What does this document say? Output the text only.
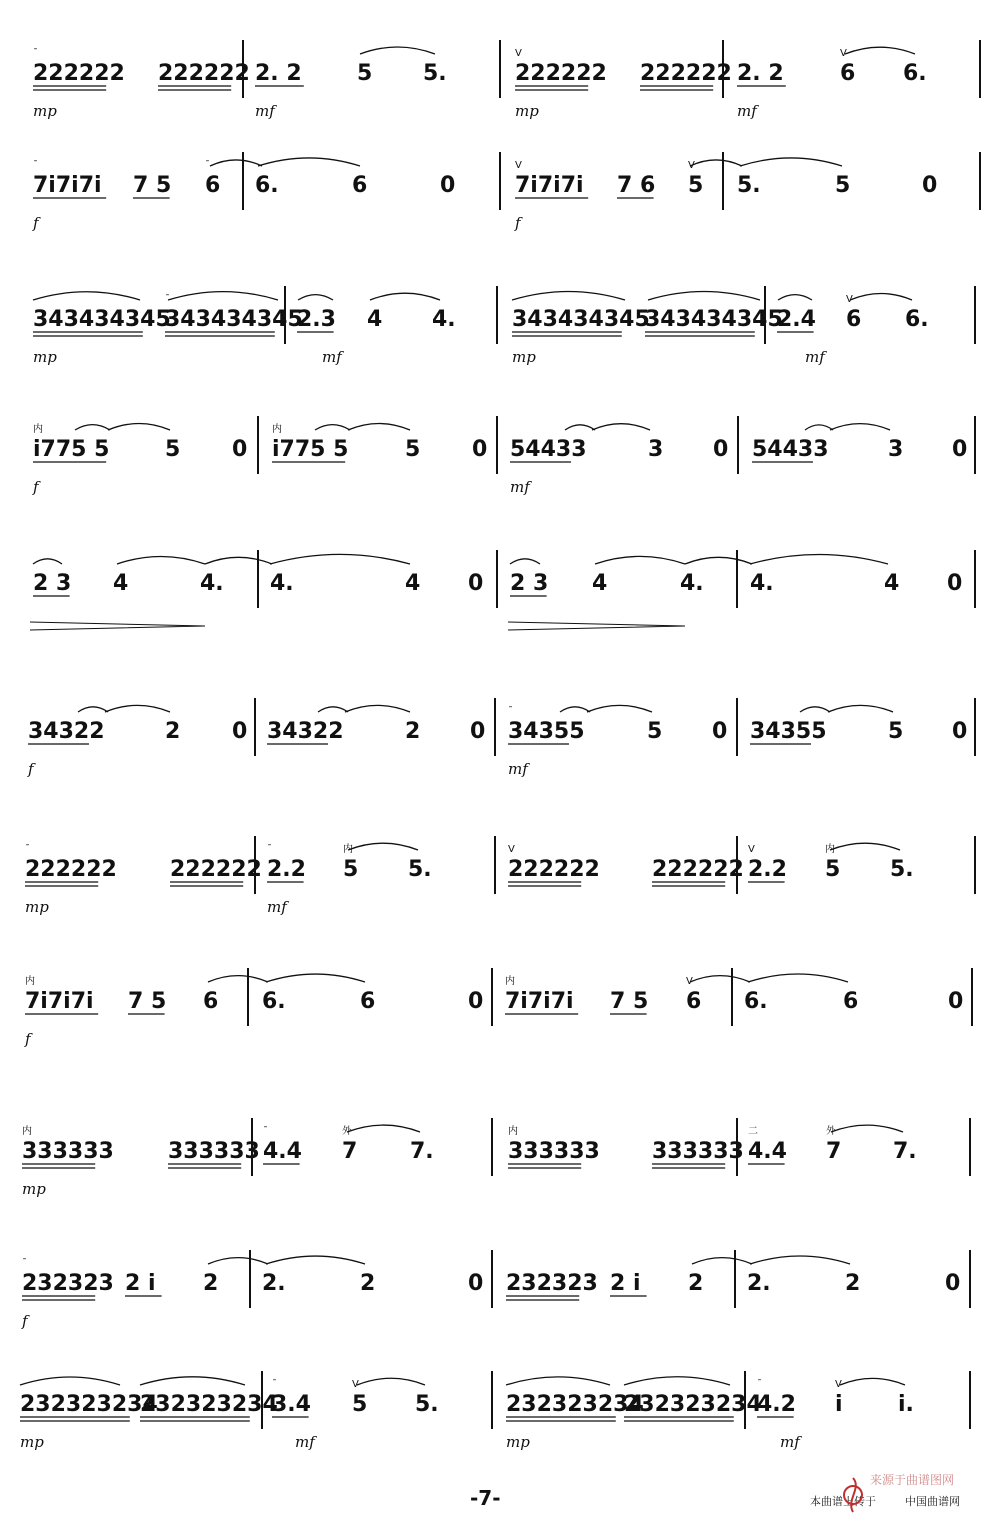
222222
ˉ
222222 2. 2	5 5.	222222
V
222222 2. 2	6
V
6.
mp	mf	mp	mf
7i7i7i
ˉ
7 5 6
ˉ
6.	6	0	7i7i7i
V
7 6 5
V
5.	5	0
f	f
343434345
343434345
ˉ
2.3 4 4.	343434345
343434345
2.4 6
V
6.
mp	mf	mp	mf
i775 5
内
5 0 i775 5
内
5 0 54433	3 0 54433	3 0
f	mf
2 3 4	4. 4.	4 0 2 3 4	4. 4.	4 0
34322	2 0 34322	2 0 34355
ˉ
5 0 34355	5 0
f	mf
222222
ˉ
222222 2.2
ˉ
5
内
5.	222222
V
222222 2.2
V
5
内
5.
mp	mf
7i7i7i
内
7 5 6 6.	6	0 7i7i7i
内
7 5 6
V
6.	6	0
f
333333
内
333333 4.4
ˉ
7
外
7.	333333
内
333333 4.4
二
7
外
7.
mp
232323
ˉ
2 i 2 2.	2	0 232323 2 i 2 2.	2	0
f
232323234
232323234
3.4
ˉ
5
V
5.	232323234
232323234
4.2
ˉ
i
V
i.
mp	mf	mp	mf
-7-	本曲谱上传于	中国曲谱网
来源于曲谱图网
